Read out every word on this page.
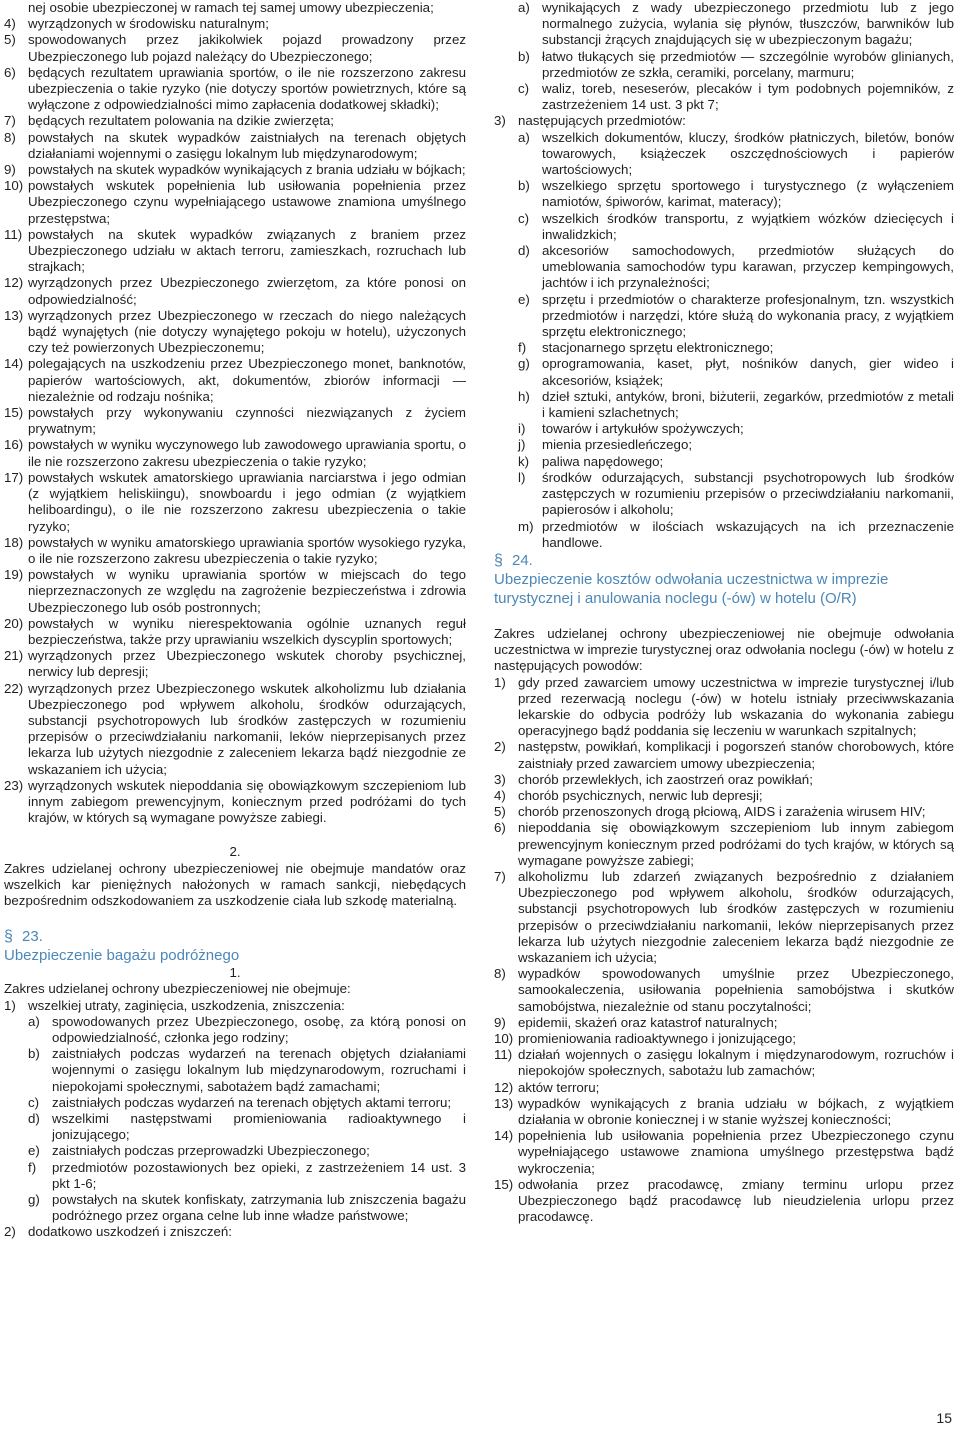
nej osobie ubezpieczonej w ramach tej samej umowy ubezpieczenia;
4) wyrządzonych w środowisku naturalnym;
5) spowodowanych przez jakikolwiek pojazd prowadzony przez Ubezpieczonego lub pojazd należący do Ubezpieczonego;
6) będących rezultatem uprawiania sportów, o ile nie rozszerzono zakresu ubezpieczenia o takie ryzyko (nie dotyczy sportów powietrznych, które są wyłączone z odpowiedzialności mimo zapłacenia dodatkowej składki);
7) będących rezultatem polowania na dzikie zwierzęta;
8) powstałych na skutek wypadków zaistniałych na terenach objętych działaniami wojennymi o zasięgu lokalnym lub międzynarodowym;
9) powstałych na skutek wypadków wynikających z brania udziału w bójkach;
10) powstałych wskutek popełnienia lub usiłowania popełnienia przez Ubezpieczonego czynu wypełniającego ustawowe znamiona umyślnego przestępstwa;
11) powstałych na skutek wypadków związanych z braniem przez Ubezpieczonego udziału w aktach terroru, zamieszkach, rozruchach lub strajkach;
12) wyrządzonych przez Ubezpieczonego zwierzętom, za które ponosi on odpowiedzialność;
13) wyrządzonych przez Ubezpieczonego w rzeczach do niego należących bądź wynajętych (nie dotyczy wynajętego pokoju w hotelu), użyczonych czy też powierzonych Ubezpieczonemu;
14) polegających na uszkodzeniu przez Ubezpieczonego monet, banknotów, papierów wartościowych, akt, dokumentów, zbiorów informacji — niezależnie od rodzaju nośnika;
15) powstałych przy wykonywaniu czynności niezwiązanych z życiem prywatnym;
16) powstałych w wyniku wyczynowego lub zawodowego uprawiania sportu, o ile nie rozszerzono zakresu ubezpieczenia o takie ryzyko;
17) powstałych wskutek amatorskiego uprawiania narciarstwa i jego odmian (z wyjątkiem heliskiingu), snowboardu i jego odmian (z wyjątkiem heliboardingu), o ile nie rozszerzono zakresu ubezpieczenia o takie ryzyko;
18) powstałych w wyniku amatorskiego uprawiania sportów wysokiego ryzyka, o ile nie rozszerzono zakresu ubezpieczenia o takie ryzyko;
19) powstałych w wyniku uprawiania sportów w miejscach do tego nieprzeznaczonych ze względu na zagrożenie bezpieczeństwa i zdrowia Ubezpieczonego lub osób postronnych;
20) powstałych w wyniku nierespektowania ogólnie uznanych reguł bezpieczeństwa, także przy uprawianiu wszelkich dyscyplin sportowych;
21) wyrządzonych przez Ubezpieczonego wskutek choroby psychicznej, nerwicy lub depresji;
22) wyrządzonych przez Ubezpieczonego wskutek alkoholizmu lub działania Ubezpieczonego pod wpływem alkoholu, środków odurzających, substancji psychotropowych lub środków zastępczych w rozumieniu przepisów o przeciwdziałaniu narkomanii, leków nieprzepisanych przez lekarza lub użytych niezgodnie z zaleceniem lekarza bądź niezgodnie ze wskazaniem ich użycia;
23) wyrządzonych wskutek niepoddania się obowiązkowym szczepieniom lub innym zabiegom prewencyjnym, koniecznym przed podróżami do tych krajów, w których są wymagane powyższe zabiegi.
2.
Zakres udzielanej ochrony ubezpieczeniowej nie obejmuje mandatów oraz wszelkich kar pieniężnych nałożonych w ramach sankcji, niebędących bezpośrednim odszkodowaniem za uszkodzenie ciała lub szkodę materialną.
§ 23.
Ubezpieczenie bagażu podróżnego
1.
Zakres udzielanej ochrony ubezpieczeniowej nie obejmuje:
1) wszelkiej utraty, zaginięcia, uszkodzenia, zniszczenia:
a) spowodowanych przez Ubezpieczonego, osobę, za którą ponosi on odpowiedzialność, członka jego rodziny;
b) zaistniałych podczas wydarzeń na terenach objętych działaniami wojennymi o zasięgu lokalnym lub międzynarodowym, rozruchami i niepokojami społecznymi, sabotażem bądź zamachami;
c) zaistniałych podczas wydarzeń na terenach objętych aktami terroru;
d) wszelkimi następstwami promieniowania radioaktywnego i jonizującego;
e) zaistniałych podczas przeprowadzki Ubezpieczonego;
f)	przedmiotów pozostawionych bez opieki, z zastrzeżeniem 14 ust. 3 pkt 1-6;
g) powstałych na skutek konfiskaty, zatrzymania lub zniszczenia bagażu podróżnego przez organa celne lub inne władze państwowe;
2) dodatkowo uszkodzeń i zniszczeń:
a) wynikających z wady ubezpieczonego przedmiotu lub z jego normalnego zużycia, wylania się płynów, tłuszczów, barwników lub substancji żrących znajdujących się w ubezpieczonym bagażu;
b) łatwo tłukących się przedmiotów — szczególnie wyrobów glinianych, przedmiotów ze szkła, ceramiki, porcelany, marmuru;
c) waliz, toreb, neseserów, plecaków i tym podobnych pojemników, z zastrzeżeniem 14 ust. 3 pkt 7;
3) następujących przedmiotów:
a) wszelkich dokumentów, kluczy, środków płatniczych, biletów, bonów towarowych, książeczek oszczędnościowych i papierów wartościowych;
b) wszelkiego sprzętu sportowego i turystycznego (z wyłączeniem namiotów, śpiworów, karimat, materacy);
c) wszelkich środków transportu, z wyjątkiem wózków dziecięcych i inwalidzkich;
d) akcesoriów samochodowych, przedmiotów służących do umeblowania samochodów typu karawan, przyczep kempingowych, jachtów i ich przynależności;
e) sprzętu i przedmiotów o charakterze profesjonalnym, tzn. wszystkich przedmiotów i narzędzi, które służą do wykonania pracy, z wyjątkiem sprzętu elektronicznego;
f)	stacjonarnego sprzętu elektronicznego;
g) oprogramowania, kaset, płyt, nośników danych, gier wideo i akcesoriów, książek;
h) dzieł sztuki, antyków, broni, biżuterii, zegarków, przedmiotów z metali i kamieni szlachetnych;
i)	towarów i artykułów spożywczych;
j)	mienia przesiedleńczego;
k) paliwa napędowego;
l)	środków odurzających, substancji psychotropowych lub środków zastępczych w rozumieniu przepisów o przeciwdziałaniu narkomanii, papierosów i alkoholu;
m) przedmiotów w ilościach wskazujących na ich przeznaczenie handlowe.
§ 24.
Ubezpieczenie kosztów odwołania uczestnictwa w imprezie turystycznej i anulowania noclegu (-ów) w hotelu (O/R)
Zakres udzielanej ochrony ubezpieczeniowej nie obejmuje odwołania uczestnictwa w imprezie turystycznej oraz odwołania noclegu (-ów) w hotelu z następujących powodów:
1) gdy przed zawarciem umowy uczestnictwa w imprezie turystycznej i/lub przed rezerwacją noclegu (-ów) w hotelu istniały przeciwwskazania lekarskie do odbycia podróży lub wskazania do wykonania zabiegu operacyjnego bądź poddania się leczeniu w warunkach szpitalnych;
2) następstw, powikłań, komplikacji i pogorszeń stanów chorobowych, które zaistniały przed zawarciem umowy ubezpieczenia;
3) chorób przewlekłych, ich zaostrzeń oraz powikłań;
4) chorób psychicznych, nerwic lub depresji;
5) chorób przenoszonych drogą płciową, AIDS i zarażenia wirusem HIV;
6) niepoddania się obowiązkowym szczepieniom lub innym zabiegom prewencyjnym koniecznym przed podróżami do tych krajów, w których są wymagane powyższe zabiegi;
7) alkoholizmu lub zdarzeń związanych bezpośrednio z działaniem Ubezpieczonego pod wpływem alkoholu, środków odurzających, substancji psychotropowych lub środków zastępczych w rozumieniu przepisów o przeciwdziałaniu narkomanii, leków nieprzepisanych przez lekarza lub użytych niezgodnie zaleceniem lekarza bądź niezgodnie ze wskazaniem ich użycia;
8) wypadków spowodowanych umyślnie przez Ubezpieczonego, samookaleczenia, usiłowania popełnienia samobójstwa i skutków samobójstwa, niezależnie od stanu poczytalności;
9) epidemii, skażeń oraz katastrof naturalnych;
10) promieniowania radioaktywnego i jonizującego;
11) działań wojennych o zasięgu lokalnym i międzynarodowym, rozruchów i niepokojów społecznych, sabotażu lub zamachów;
12) aktów terroru;
13) wypadków wynikających z brania udziału w bójkach, z wyjątkiem działania w obronie koniecznej i w stanie wyższej konieczności;
14) popełnienia lub usiłowania popełnienia przez Ubezpieczonego czynu wypełniającego ustawowe znamiona umyślnego przestępstwa bądź wykroczenia;
15) odwołania przez pracodawcę, zmiany terminu urlopu przez Ubezpieczonego bądź pracodawcę lub nieudzielenia urlopu przez pracodawcę.
15
